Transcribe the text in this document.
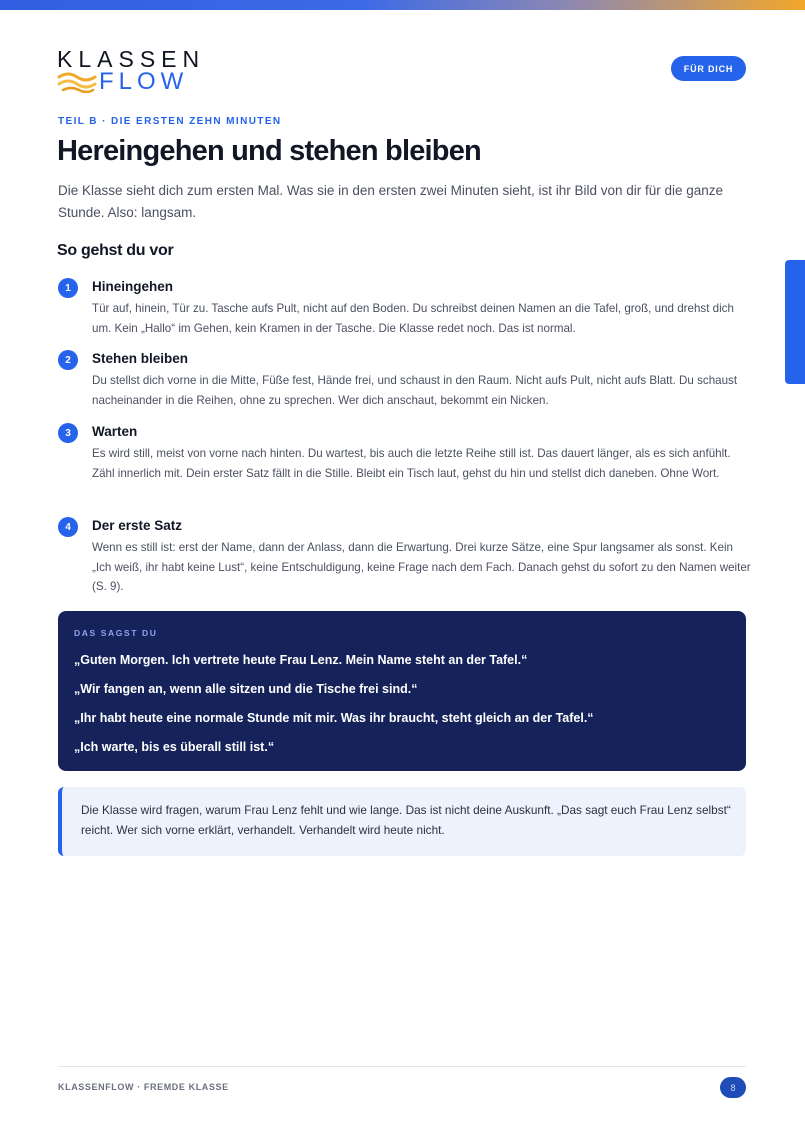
KLASSEN
FLOW	FÜR DICH
TEIL B · DIE ERSTEN ZEHN MINUTEN
Hereingehen und stehen bleiben

Die Klasse sieht dich zum ersten Mal. Was sie in den ersten zwei Minuten sieht, ist ihr Bild von dir für die ganze Stunde. Also: langsam.

So gehst du vor
1	Hineingehen

Tür auf, hinein, Tür zu. Tasche aufs Pult, nicht auf den Boden. Du schreibst deinen Namen an die Tafel, groß, und drehst dich um. Kein „Hallo“ im Gehen, kein Kramen in der Tasche. Die Klasse redet noch. Das ist normal.

2	Stehen bleiben

Du stellst dich vorne in die Mitte, Füße fest, Hände frei, und schaust in den Raum. Nicht aufs Pult, nicht aufs Blatt. Du schaust nacheinander in die Reihen, ohne zu sprechen. Wer dich anschaut, bekommt ein Nicken.

3	Warten

Es wird still, meist von vorne nach hinten. Du wartest, bis auch die letzte Reihe still ist. Das dauert länger, als es sich anfühlt. Zähl innerlich mit. Dein erster Satz fällt in die Stille. Bleibt ein Tisch laut, gehst du hin und stellst dich daneben. Ohne Wort.

4	Der erste Satz

Wenn es still ist: erst der Name, dann der Anlass, dann die Erwartung. Drei kurze Sätze, eine Spur langsamer als sonst. Kein „Ich weiß, ihr habt keine Lust“, keine Entschuldigung, keine Frage nach dem Fach. Danach gehst du sofort zu den Namen weiter (S. 9).

DAS SAGST DU
„Guten Morgen. Ich vertrete heute Frau Lenz. Mein Name steht an der Tafel.“
„Wir fangen an, wenn alle sitzen und die Tische frei sind.“
„Ihr habt heute eine normale Stunde mit mir. Was ihr braucht, steht gleich an der Tafel.“
„Ich warte, bis es überall still ist.“

Die Klasse wird fragen, warum Frau Lenz fehlt und wie lange. Das ist nicht deine Auskunft. „Das sagt euch Frau Lenz selbst“ reicht. Wer sich vorne erklärt, verhandelt. Verhandelt wird heute nicht.

KLASSENFLOW · FREMDE KLASSE	8
